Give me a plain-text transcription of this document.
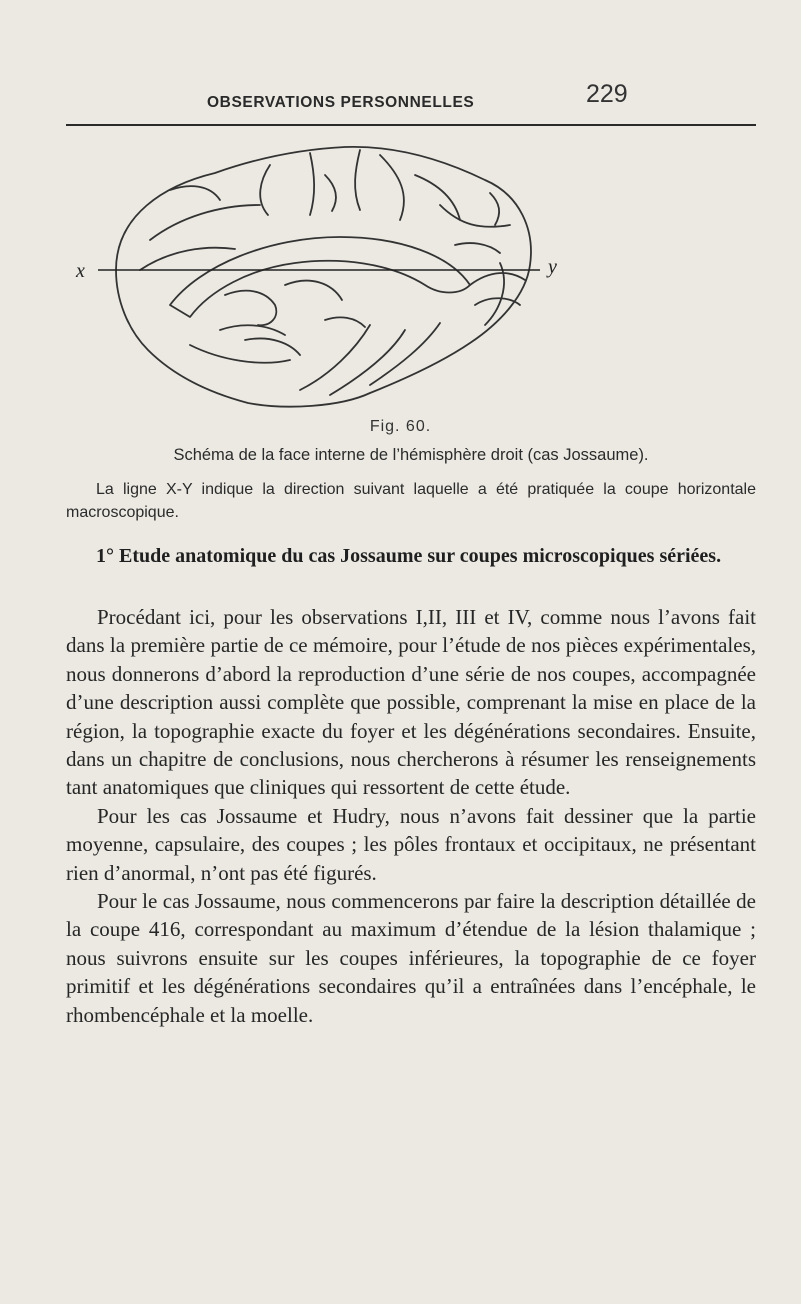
OBSERVATIONS PERSONNELLES	229
x	y
Fig. 60.
Schéma de la face interne de l’hémisphère droit (cas Jossaume).
La ligne X-Y indique la direction suivant laquelle a été pratiquée la coupe horizontale macroscopique.
1° Etude anatomique du cas Jossaume sur coupes microscopiques sériées.

Procédant ici, pour les observations I,II, III et IV, comme nous l’avons fait dans la première partie de ce mémoire, pour l’étude de nos pièces expérimentales, nous donnerons d’abord la reproduction d’une série de nos coupes, accompagnée d’une description aussi complète que possible, comprenant la mise en place de la région, la topographie exacte du foyer et les dégénérations secondaires. Ensuite, dans un chapitre de conclusions, nous chercherons à résumer les renseignements tant anatomiques que cliniques qui ressortent de cette étude.

Pour les cas Jossaume et Hudry, nous n’avons fait dessiner que la partie moyenne, capsulaire, des coupes ; les pôles frontaux et occipitaux, ne présentant rien d’anormal, n’ont pas été figurés.

Pour le cas Jossaume, nous commencerons par faire la description détaillée de la coupe 416, correspondant au maximum d’étendue de la lésion thalamique ; nous suivrons ensuite sur les coupes inférieures, la topographie de ce foyer primitif et les dégénérations secondaires qu’il a entraînées dans l’encéphale, le rhombencéphale et la moelle.
